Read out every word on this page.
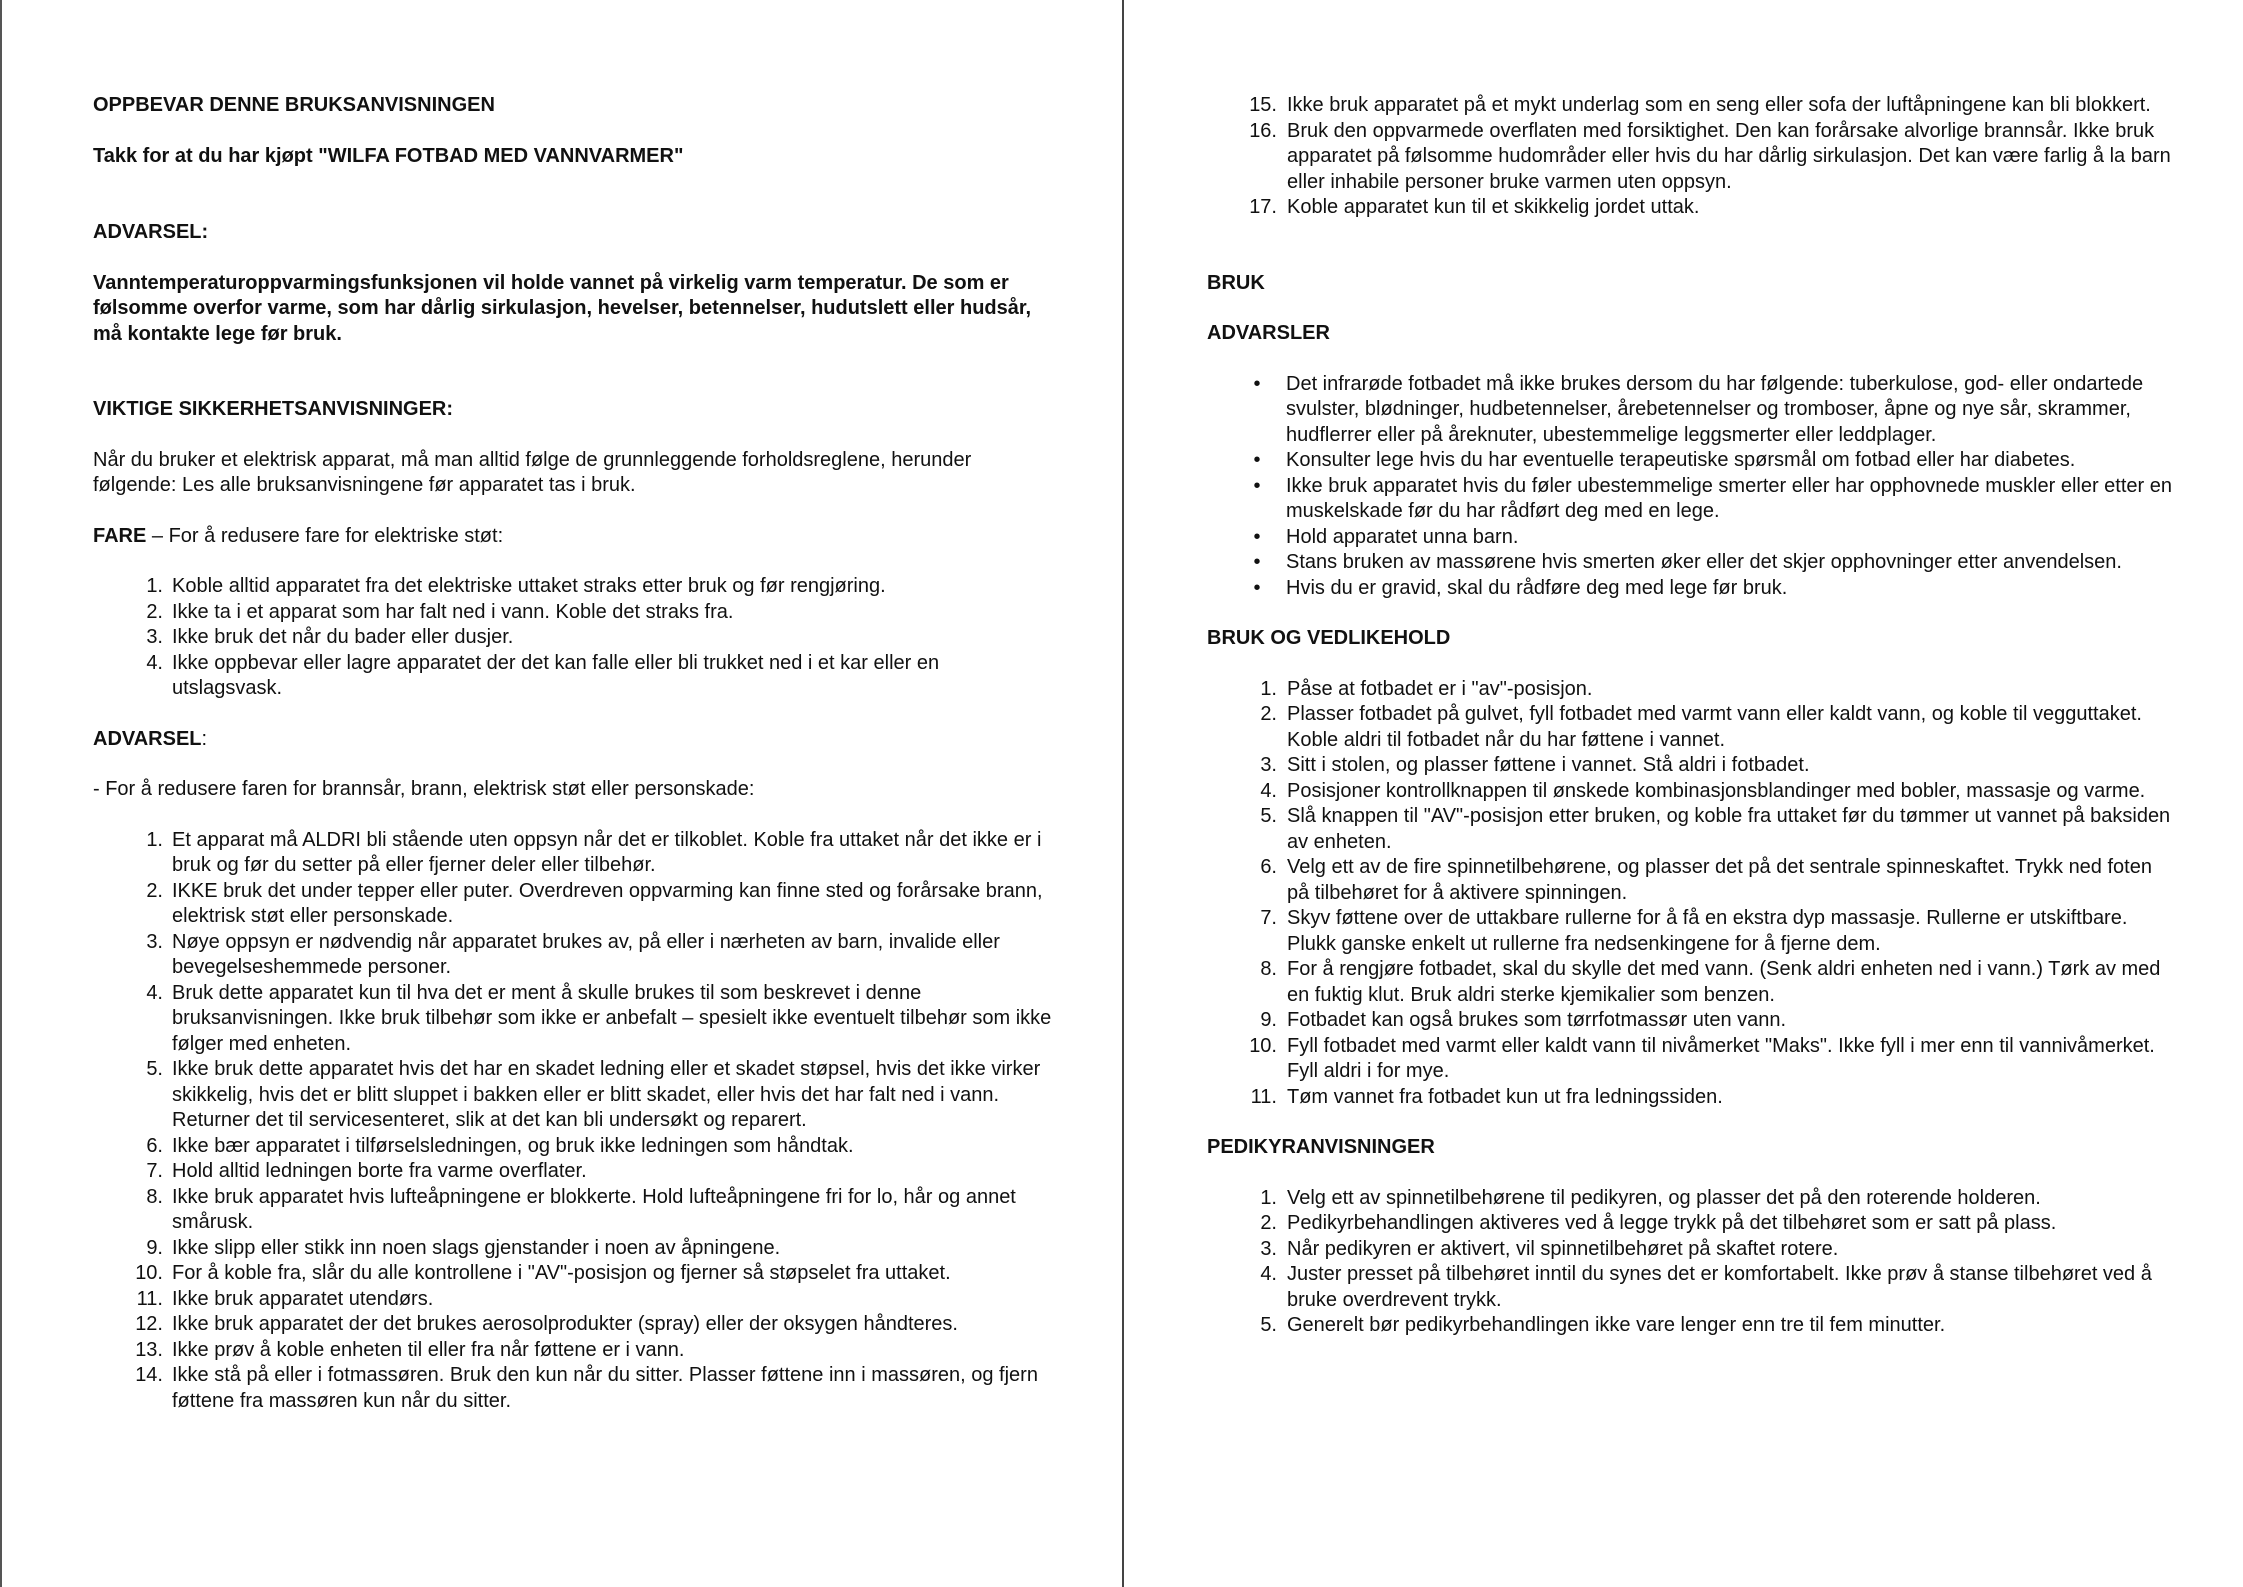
OPPBEVAR DENNE BRUKSANVISNINGEN

Takk for at du har kjøpt "WILFA FOTBAD MED VANNVARMER"

ADVARSEL:

Vanntemperaturoppvarmingsfunksjonen vil holde vannet på virkelig varm temperatur. De som er følsomme overfor varme, som har dårlig sirkulasjon, hevelser, betennelser, hudutslett eller hudsår, må kontakte lege før bruk.

VIKTIGE SIKKERHETSANVISNINGER:

Når du bruker et elektrisk apparat, må man alltid følge de grunnleggende forholdsreglene, herunder følgende: Les alle bruksanvisningene før apparatet tas i bruk.

FARE – For å redusere fare for elektriske støt:

1. Koble alltid apparatet fra det elektriske uttaket straks etter bruk og før rengjøring.
2. Ikke ta i et apparat som har falt ned i vann. Koble det straks fra.
3. Ikke bruk det når du bader eller dusjer.
4. Ikke oppbevar eller lagre apparatet der det kan falle eller bli trukket ned i et kar eller en utslagsvask.

ADVARSEL:

- For å redusere faren for brannsår, brann, elektrisk støt eller personskade:

1. Et apparat må ALDRI bli stående uten oppsyn når det er tilkoblet. Koble fra uttaket når det ikke er i bruk og før du setter på eller fjerner deler eller tilbehør.
2. IKKE bruk det under tepper eller puter. Overdreven oppvarming kan finne sted og forårsake brann, elektrisk støt eller personskade.
3. Nøye oppsyn er nødvendig når apparatet brukes av, på eller i nærheten av barn, invalide eller bevegelseshemmede personer.
4. Bruk dette apparatet kun til hva det er ment å skulle brukes til som beskrevet i denne bruksanvisningen. Ikke bruk tilbehør som ikke er anbefalt – spesielt ikke eventuelt tilbehør som ikke følger med enheten.
5. Ikke bruk dette apparatet hvis det har en skadet ledning eller et skadet støpsel, hvis det ikke virker skikkelig, hvis det er blitt sluppet i bakken eller er blitt skadet, eller hvis det har falt ned i vann. Returner det til servicesenteret, slik at det kan bli undersøkt og reparert.
6. Ikke bær apparatet i tilførselsledningen, og bruk ikke ledningen som håndtak.
7. Hold alltid ledningen borte fra varme overflater.
8. Ikke bruk apparatet hvis lufteåpningene er blokkerte. Hold lufteåpningene fri for lo, hår og annet smårusk.
9. Ikke slipp eller stikk inn noen slags gjenstander i noen av åpningene.
10. For å koble fra, slår du alle kontrollene i "AV"-posisjon og fjerner så støpselet fra uttaket.
11. Ikke bruk apparatet utendørs.
12. Ikke bruk apparatet der det brukes aerosolprodukter (spray) eller der oksygen håndteres.
13. Ikke prøv å koble enheten til eller fra når føttene er i vann.
14. Ikke stå på eller i fotmassøren. Bruk den kun når du sitter. Plasser føttene inn i massøren, og fjern føttene fra massøren kun når du sitter.
15. Ikke bruk apparatet på et mykt underlag som en seng eller sofa der luftåpningene kan bli blokkert.
16. Bruk den oppvarmede overflaten med forsiktighet. Den kan forårsake alvorlige brannsår. Ikke bruk apparatet på følsomme hudområder eller hvis du har dårlig sirkulasjon. Det kan være farlig å la barn eller inhabile personer bruke varmen uten oppsyn.
17. Koble apparatet kun til et skikkelig jordet uttak.

BRUK

ADVARSLER

•	Det infrarøde fotbadet må ikke brukes dersom du har følgende: tuberkulose, god- eller ondartede svulster, blødninger, hudbetennelser, årebetennelser og tromboser, åpne og nye sår, skrammer, hudflerrer eller på åreknuter, ubestemmelige leggsmerter eller leddplager.
•	Konsulter lege hvis du har eventuelle terapeutiske spørsmål om fotbad eller har diabetes.
•	Ikke bruk apparatet hvis du føler ubestemmelige smerter eller har opphovnede muskler eller etter en muskelskade før du har rådført deg med en lege.
•	Hold apparatet unna barn.
•	Stans bruken av massørene hvis smerten øker eller det skjer opphovninger etter anvendelsen.
•	Hvis du er gravid, skal du rådføre deg med lege før bruk.

BRUK OG VEDLIKEHOLD

1. Påse at fotbadet er i "av"-posisjon.
2. Plasser fotbadet på gulvet, fyll fotbadet med varmt vann eller kaldt vann, og koble til vegguttaket. Koble aldri til fotbadet når du har føttene i vannet.
3. Sitt i stolen, og plasser føttene i vannet. Stå aldri i fotbadet.
4. Posisjoner kontrollknappen til ønskede kombinasjonsblandinger med bobler, massasje og varme.
5. Slå knappen til "AV"-posisjon etter bruken, og koble fra uttaket før du tømmer ut vannet på baksiden av enheten.
6. Velg ett av de fire spinnetilbehørene, og plasser det på det sentrale spinneskaftet. Trykk ned foten på tilbehøret for å aktivere spinningen.
7. Skyv føttene over de uttakbare rullerne for å få en ekstra dyp massasje. Rullerne er utskiftbare. Plukk ganske enkelt ut rullerne fra nedsenkingene for å fjerne dem.
8. For å rengjøre fotbadet, skal du skylle det med vann. (Senk aldri enheten ned i vann.) Tørk av med en fuktig klut. Bruk aldri sterke kjemikalier som benzen.
9. Fotbadet kan også brukes som tørrfotmassør uten vann.
10. Fyll fotbadet med varmt eller kaldt vann til nivåmerket "Maks". Ikke fyll i mer enn til vannivåmerket. Fyll aldri i for mye.
11. Tøm vannet fra fotbadet kun ut fra ledningssiden.

PEDIKYRANVISNINGER

1. Velg ett av spinnetilbehørene til pedikyren, og plasser det på den roterende holderen.
2. Pedikyrbehandlingen aktiveres ved å legge trykk på det tilbehøret som er satt på plass.
3. Når pedikyren er aktivert, vil spinnetilbehøret på skaftet rotere.
4. Juster presset på tilbehøret inntil du synes det er komfortabelt. Ikke prøv å stanse tilbehøret ved å bruke overdrevent trykk.
5. Generelt bør pedikyrbehandlingen ikke vare lenger enn tre til fem minutter.
